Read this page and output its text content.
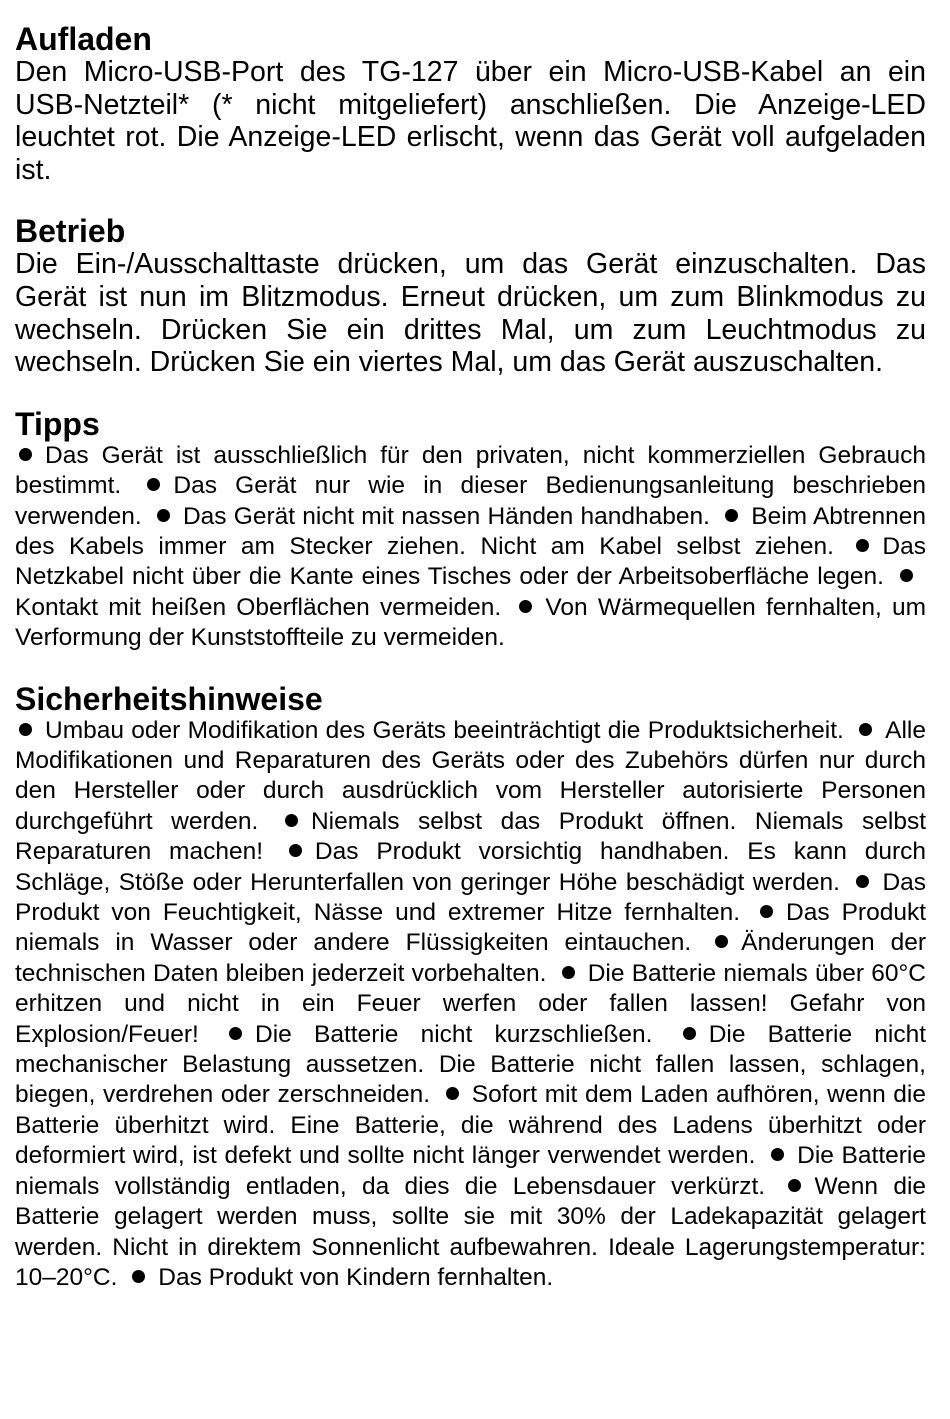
Aufladen

Den Micro-USB-Port des TG-127 über ein Micro-USB-Kabel an ein USB-Netzteil* (* nicht mitgeliefert) anschließen. Die Anzeige-LED leuchtet rot. Die Anzeige-LED erlischt, wenn das Gerät voll aufgeladen ist.

Betrieb

Die Ein-/Ausschalttaste drücken, um das Gerät einzuschalten. Das Gerät ist nun im Blitzmodus. Erneut drücken, um zum Blinkmodus zu wechseln. Drücken Sie ein drittes Mal, um zum Leuchtmodus zu wechseln. Drücken Sie ein viertes Mal, um das Gerät auszuschalten.

Tipps

Das Gerät ist ausschließlich für den privaten, nicht kommerziellen Gebrauch bestimmt. Das Gerät nur wie in dieser Bedienungsanleitung beschrieben verwenden. Das Gerät nicht mit nassen Händen handhaben. Beim Abtrennen des Kabels immer am Stecker ziehen. Nicht am Kabel selbst ziehen. Das Netzkabel nicht über die Kante eines Tisches oder der Arbeitsoberfläche legen. Kontakt mit heißen Oberflächen vermeiden. Von Wärmequellen fernhalten, um Verformung der Kunststoffteile zu vermeiden.

Sicherheitshinweise

Umbau oder Modifikation des Geräts beeinträchtigt die Produktsicherheit. Alle Modifikationen und Reparaturen des Geräts oder des Zubehörs dürfen nur durch den Hersteller oder durch ausdrücklich vom Hersteller autorisierte Personen durchgeführt werden. Niemals selbst das Produkt öffnen. Niemals selbst Reparaturen machen! Das Produkt vorsichtig handhaben. Es kann durch Schläge, Stöße oder Herunterfallen von geringer Höhe beschädigt werden. Das Produkt von Feuchtigkeit, Nässe und extremer Hitze fernhalten. Das Produkt niemals in Wasser oder andere Flüssigkeiten eintauchen. Änderungen der technischen Daten bleiben jederzeit vorbehalten. Die Batterie niemals über 60°C erhitzen und nicht in ein Feuer werfen oder fallen lassen! Gefahr von Explosion/Feuer! Die Batterie nicht kurzschließen. Die Batterie nicht mechanischer Belastung aussetzen. Die Batterie nicht fallen lassen, schlagen, biegen, verdrehen oder zerschneiden. Sofort mit dem Laden aufhören, wenn die Batterie überhitzt wird. Eine Batterie, die während des Ladens überhitzt oder deformiert wird, ist defekt und sollte nicht länger verwendet werden. Die Batterie niemals vollständig entladen, da dies die Lebensdauer verkürzt. Wenn die Batterie gelagert werden muss, sollte sie mit 30% der Ladekapazität gelagert werden. Nicht in direktem Sonnenlicht aufbewahren. Ideale Lagerungstemperatur: 10–20°C. Das Produkt von Kindern fernhalten.
